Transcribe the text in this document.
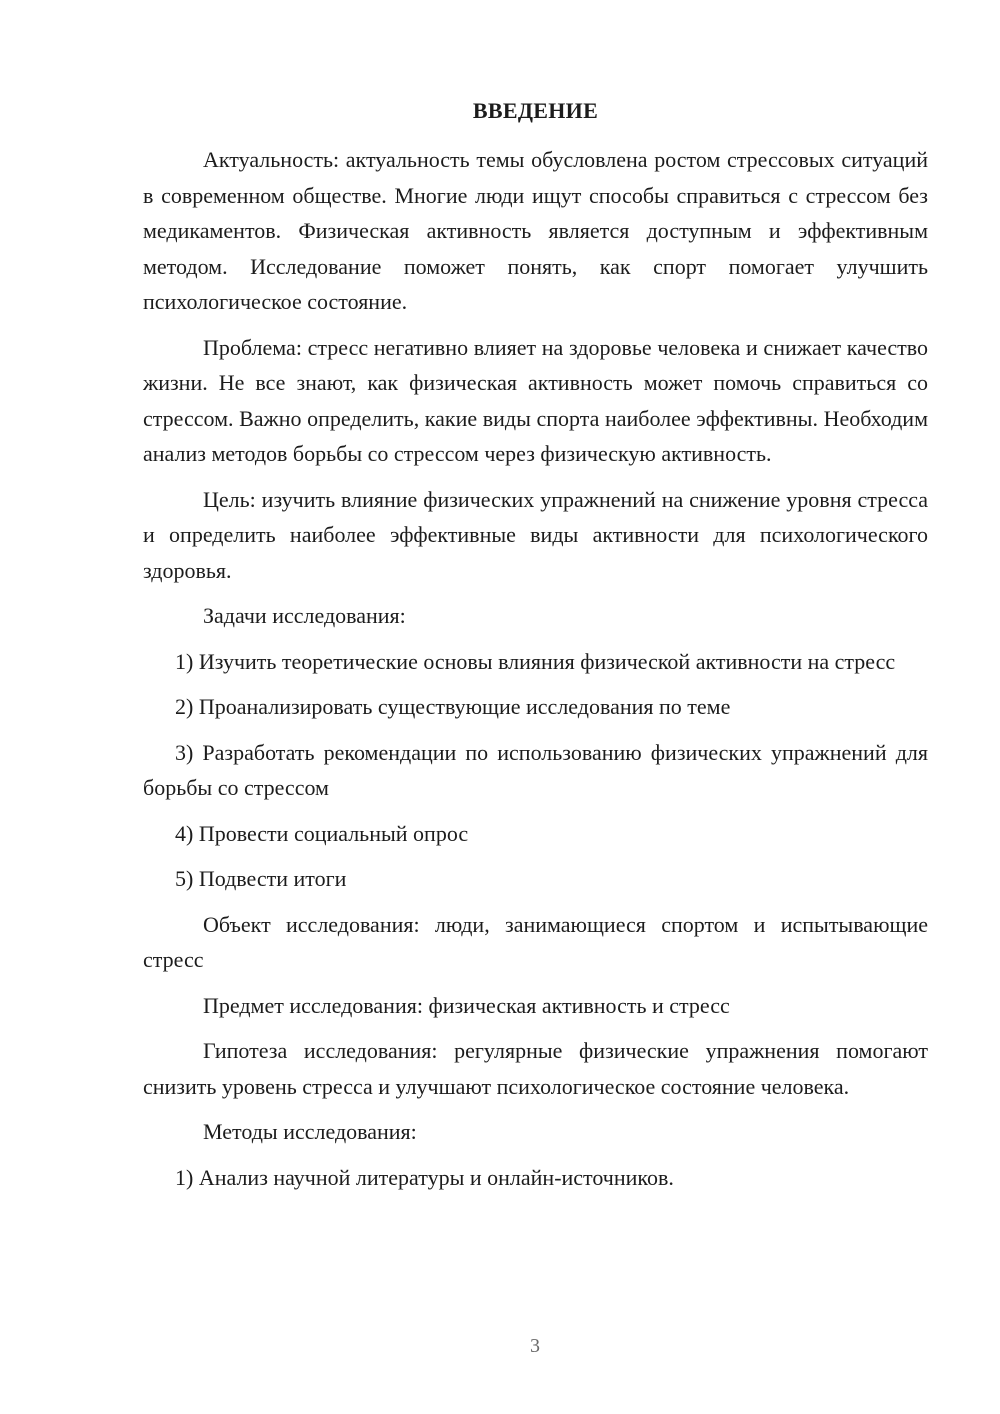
ВВЕДЕНИЕ

Актуальность: актуальность темы обусловлена ростом стрессовых ситуаций в современном обществе. Многие люди ищут способы справиться с стрессом без медикаментов. Физическая активность является доступным и эффективным методом. Исследование поможет понять, как спорт помогает улучшить психологическое состояние.

Проблема: стресс негативно влияет на здоровье человека и снижает качество жизни. Не все знают, как физическая активность может помочь справиться со стрессом. Важно определить, какие виды спорта наиболее эффективны. Необходим анализ методов борьбы со стрессом через физическую активность.

Цель: изучить влияние физических упражнений на снижение уровня стресса и определить наиболее эффективные виды активности для психологического здоровья.

Задачи исследования:

1) Изучить теоретические основы влияния физической активности на стресс

2) Проанализировать существующие исследования по теме

3) Разработать рекомендации по использованию физических упражнений для борьбы со стрессом

4) Провести социальный опрос

5) Подвести итоги

Объект исследования: люди, занимающиеся спортом и испытывающие стресс

Предмет исследования: физическая активность и стресс

Гипотеза исследования: регулярные физические упражнения помогают снизить уровень стресса и улучшают психологическое состояние человека.

Методы исследования:

1) Анализ научной литературы и онлайн-источников.

3
